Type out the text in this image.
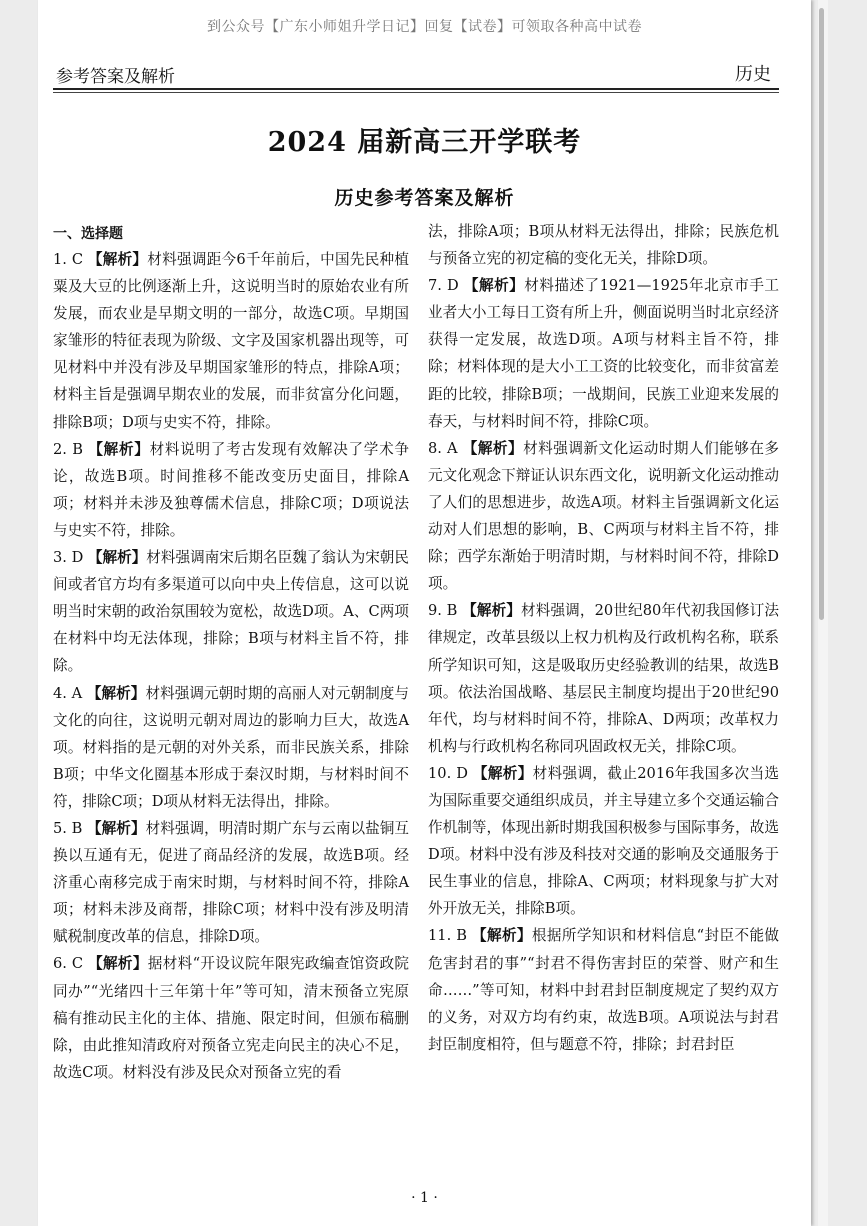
到公众号【广东小师姐升学日记】回复【试卷】可领取各种高中试卷
参考答案及解析	历史
2024 届新高三开学联考
历史参考答案及解析
一、选择题

1. C 【解析】材料强调距今6千年前后，中国先民种植粟及大豆的比例逐渐上升，这说明当时的原始农业有所发展，而农业是早期文明的一部分，故选C项。早期国家雏形的特征表现为阶级、文字及国家机器出现等，可见材料中并没有涉及早期国家雏形的特点，排除A项；材料主旨是强调早期农业的发展，而非贫富分化问题，排除B项；D项与史实不符，排除。

2. B 【解析】材料说明了考古发现有效解决了学术争论，故选B项。时间推移不能改变历史面目，排除A项；材料并未涉及独尊儒术信息，排除C项；D项说法与史实不符，排除。

3. D 【解析】材料强调南宋后期名臣魏了翁认为宋朝民间或者官方均有多渠道可以向中央上传信息，这可以说明当时宋朝的政治氛围较为宽松，故选D项。A、C两项在材料中均无法体现，排除；B项与材料主旨不符，排除。

4. A 【解析】材料强调元朝时期的高丽人对元朝制度与文化的向往，这说明元朝对周边的影响力巨大，故选A项。材料指的是元朝的对外关系，而非民族关系，排除B项；中华文化圈基本形成于秦汉时期，与材料时间不符，排除C项；D项从材料无法得出，排除。

5. B 【解析】材料强调，明清时期广东与云南以盐铜互换以互通有无，促进了商品经济的发展，故选B项。经济重心南移完成于南宋时期，与材料时间不符，排除A项；材料未涉及商帮，排除C项；材料中没有涉及明清赋税制度改革的信息，排除D项。

6. C 【解析】据材料“开设议院年限宪政编查馆资政院同办”“光绪四十三年第十年”等可知，清末预备立宪原稿有推动民主化的主体、措施、限定时间，但颁布稿删除，由此推知清政府对预备立宪走向民主的决心不足，故选C项。材料没有涉及民众对预备立宪的看

法，排除A项；B项从材料无法得出，排除；民族危机与预备立宪的初定稿的变化无关，排除D项。

7. D 【解析】材料描述了1921—1925年北京市手工业者大小工每日工资有所上升，侧面说明当时北京经济获得一定发展，故选D项。A项与材料主旨不符，排除；材料体现的是大小工工资的比较变化，而非贫富差距的比较，排除B项；一战期间，民族工业迎来发展的春天，与材料时间不符，排除C项。

8. A 【解析】材料强调新文化运动时期人们能够在多元文化观念下辩证认识东西文化，说明新文化运动推动了人们的思想进步，故选A项。材料主旨强调新文化运动对人们思想的影响，B、C两项与材料主旨不符，排除；西学东渐始于明清时期，与材料时间不符，排除D项。

9. B 【解析】材料强调，20世纪80年代初我国修订法律规定，改革县级以上权力机构及行政机构名称，联系所学知识可知，这是吸取历史经验教训的结果，故选B项。依法治国战略、基层民主制度均提出于20世纪90年代，均与材料时间不符，排除A、D两项；改革权力机构与行政机构名称同巩固政权无关，排除C项。

10. D 【解析】材料强调，截止2016年我国多次当选为国际重要交通组织成员，并主导建立多个交通运输合作机制等，体现出新时期我国积极参与国际事务，故选D项。材料中没有涉及科技对交通的影响及交通服务于民生事业的信息，排除A、C两项；材料现象与扩大对外开放无关，排除B项。

11. B 【解析】根据所学知识和材料信息“封臣不能做危害封君的事”“封君不得伤害封臣的荣誉、财产和生命……”等可知，材料中封君封臣制度规定了契约双方的义务，对双方均有约束，故选B项。A项说法与封君封臣制度相符，但与题意不符，排除；封君封臣

· 1 ·
